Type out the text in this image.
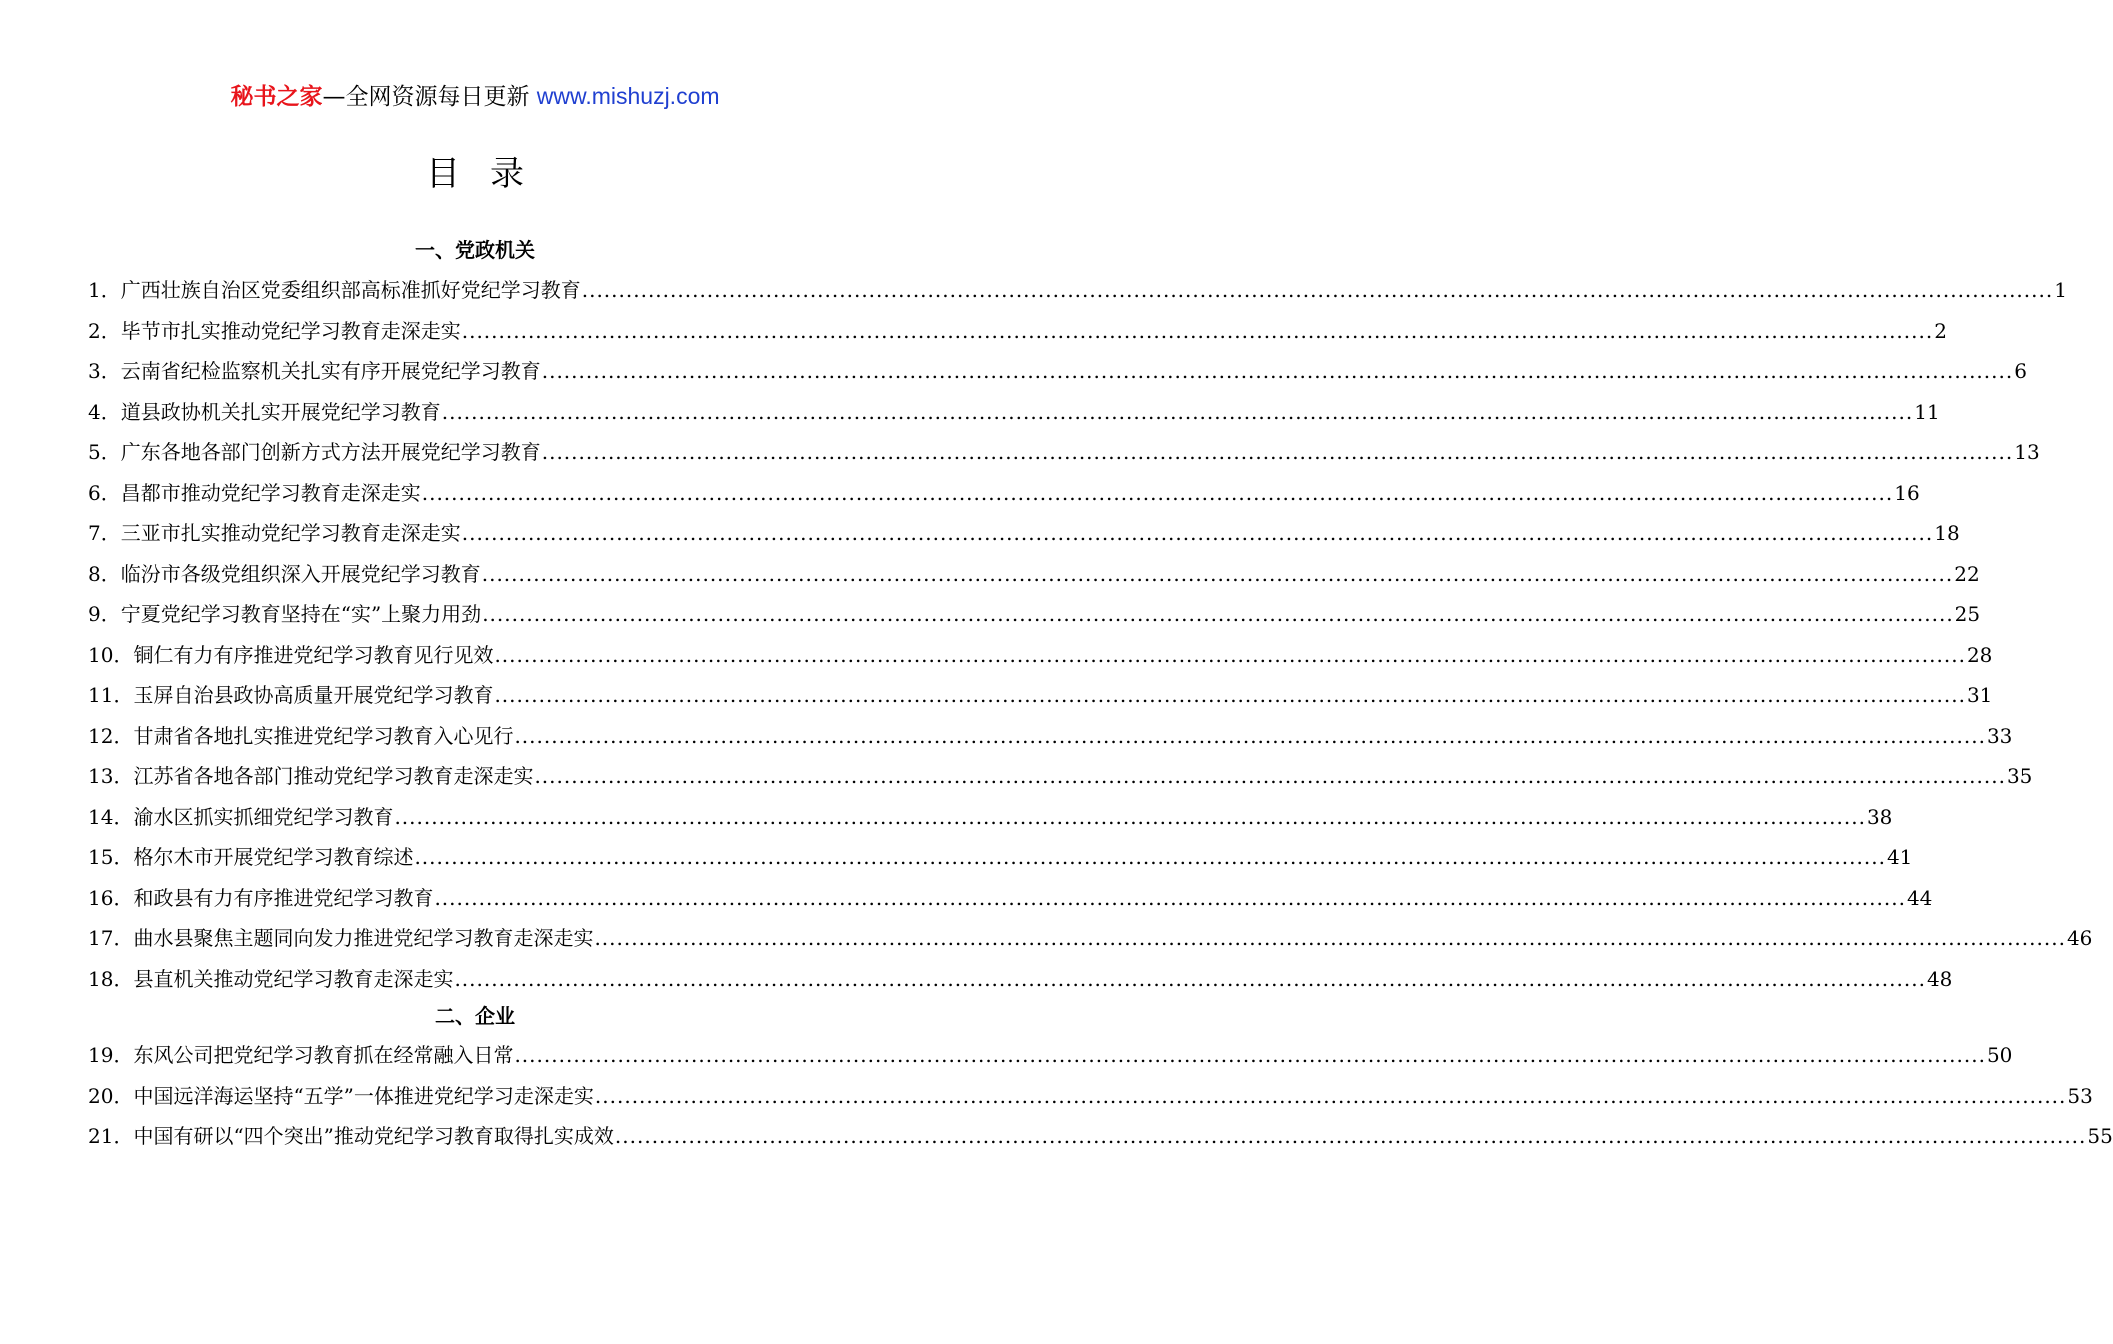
秘书之家—全网资源每日更新 www.mishuzj.com
目录
一、党政机关
1． 广西壮族自治区党委组织部高标准抓好党纪学习教育 ........................................................................................................................................................................................................ 1
2． 毕节市扎实推动党纪学习教育走深走实 ........................................................................................................................................................................................................ 2
3． 云南省纪检监察机关扎实有序开展党纪学习教育 ........................................................................................................................................................................................................ 6
4． 道县政协机关扎实开展党纪学习教育 ........................................................................................................................................................................................................ 11
5． 广东各地各部门创新方式方法开展党纪学习教育 ........................................................................................................................................................................................................ 13
6． 昌都市推动党纪学习教育走深走实 ........................................................................................................................................................................................................ 16
7． 三亚市扎实推动党纪学习教育走深走实 ........................................................................................................................................................................................................ 18
8． 临汾市各级党组织深入开展党纪学习教育 ........................................................................................................................................................................................................ 22
9． 宁夏党纪学习教育坚持在“实”上聚力用劲 ........................................................................................................................................................................................................ 25
10． 铜仁有力有序推进党纪学习教育见行见效 ........................................................................................................................................................................................................ 28
11． 玉屏自治县政协高质量开展党纪学习教育 ........................................................................................................................................................................................................ 31
12． 甘肃省各地扎实推进党纪学习教育入心见行 ........................................................................................................................................................................................................ 33
13． 江苏省各地各部门推动党纪学习教育走深走实 ........................................................................................................................................................................................................ 35
14． 渝水区抓实抓细党纪学习教育 ........................................................................................................................................................................................................ 38
15． 格尔木市开展党纪学习教育综述 ........................................................................................................................................................................................................ 41
16． 和政县有力有序推进党纪学习教育 ........................................................................................................................................................................................................ 44
17． 曲水县聚焦主题同向发力推进党纪学习教育走深走实 ........................................................................................................................................................................................................ 46
18． 县直机关推动党纪学习教育走深走实 ........................................................................................................................................................................................................ 48
二、企业
19． 东风公司把党纪学习教育抓在经常融入日常 ........................................................................................................................................................................................................ 50
20． 中国远洋海运坚持“五学”一体推进党纪学习走深走实 ........................................................................................................................................................................................................ 53
21． 中国有研以“四个突出”推动党纪学习教育取得扎实成效 ........................................................................................................................................................................................................ 55
